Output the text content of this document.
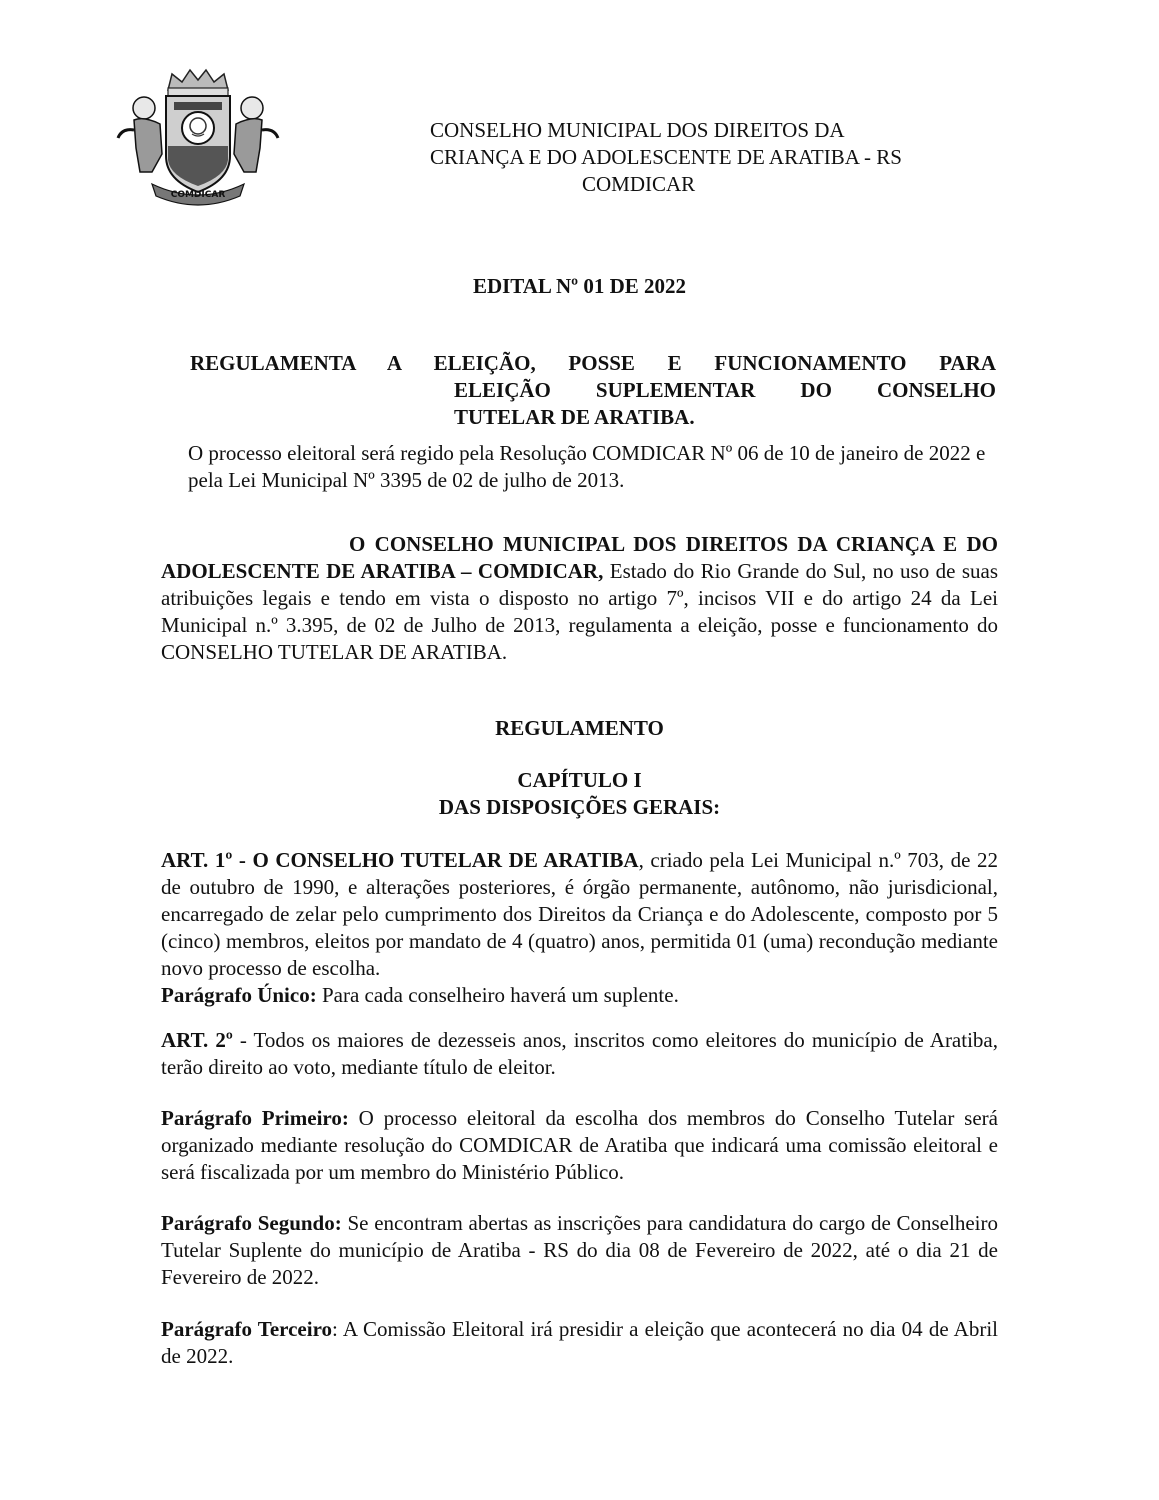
COMDICAR
CONSELHO MUNICIPAL DOS DIREITOS DA
CRIANÇA E DO ADOLESCENTE DE ARATIBA - RS
COMDICAR
EDITAL Nº 01 DE 2022
REGULAMENTA A ELEIÇÃO, POSSE E FUNCIONAMENTO PARA
ELEIÇÃO SUPLEMENTAR DO CONSELHO
TUTELAR DE ARATIBA.
O processo eleitoral será regido pela Resolução COMDICAR Nº 06 de 10 de janeiro de 2022 e pela Lei Municipal Nº 3395 de 02 de julho de 2013.
O CONSELHO MUNICIPAL DOS DIREITOS DA CRIANÇA E DO ADOLESCENTE DE ARATIBA – COMDICAR, Estado do Rio Grande do Sul, no uso de suas atribuições legais e tendo em vista o disposto no artigo 7º, incisos VII e do artigo 24 da Lei Municipal n.º 3.395, de 02 de Julho de 2013, regulamenta a eleição, posse e funcionamento do CONSELHO TUTELAR DE ARATIBA.
REGULAMENTO
CAPÍTULO I
DAS DISPOSIÇÕES GERAIS:
ART. 1º - O CONSELHO TUTELAR DE ARATIBA, criado pela Lei Municipal n.º 703, de 22 de outubro de 1990, e alterações posteriores, é órgão permanente, autônomo, não jurisdicional, encarregado de zelar pelo cumprimento dos Direitos da Criança e do Adolescente, composto por 5 (cinco) membros, eleitos por mandato de 4 (quatro) anos, permitida 01 (uma) recondução mediante novo processo de escolha.
Parágrafo Único: Para cada conselheiro haverá um suplente.
ART. 2º - Todos os maiores de dezesseis anos, inscritos como eleitores do município de Aratiba, terão direito ao voto, mediante título de eleitor.
Parágrafo Primeiro: O processo eleitoral da escolha dos membros do Conselho Tutelar será organizado mediante resolução do COMDICAR de Aratiba que indicará uma comissão eleitoral e será fiscalizada por um membro do Ministério Público.
Parágrafo Segundo: Se encontram abertas as inscrições para candidatura do cargo de Conselheiro Tutelar Suplente do município de Aratiba - RS do dia 08 de Fevereiro de 2022, até o dia 21 de Fevereiro de 2022.
Parágrafo Terceiro: A Comissão Eleitoral irá presidir a eleição que acontecerá no dia 04 de Abril de 2022.
